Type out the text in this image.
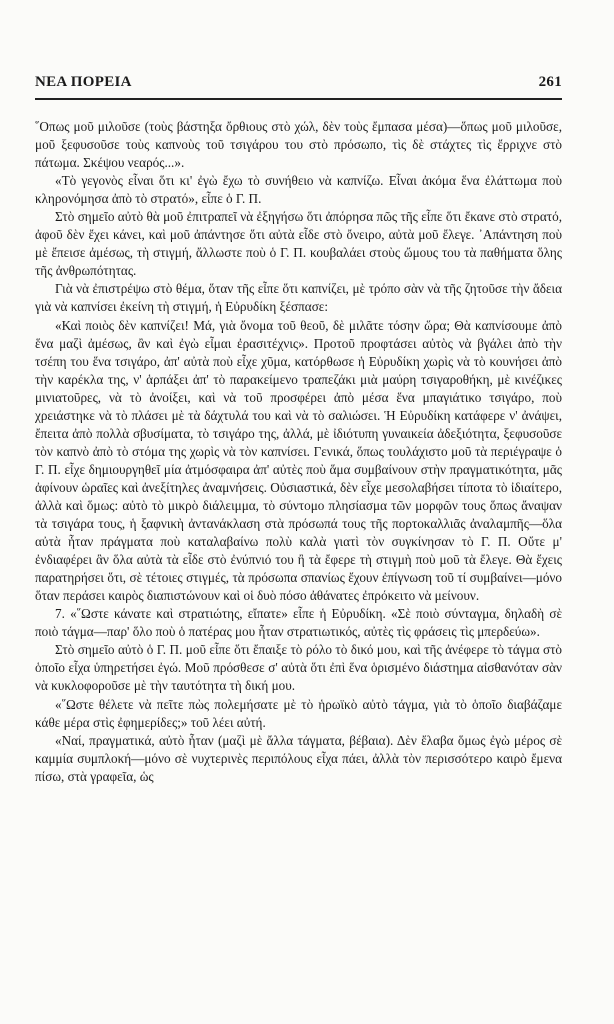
ΝΕΑ ΠΟΡΕΙΑ	261

῞Οπως μοῦ μιλοῦσε (τοὺς βάστηξα ὄρθιους στὸ χώλ, δὲν τοὺς ἔμπασα μέσα)—ὅπως μοῦ μιλοῦσε, μοῦ ξεφυσοῦσε τοὺς καπνοὺς τοῦ τσιγάρου του στὸ πρόσωπο, τὶς δὲ στάχτες τὶς ἔρριχνε στὸ πάτωμα. Σκέψου νεαρός...».

«Τὸ γεγονὸς εἶναι ὅτι κι' ἐγὼ ἔχω τὸ συνήθειο νὰ καπνίζω. Εἶναι ἀκόμα ἕνα ἐλάττωμα ποὺ κληρονόμησα ἀπὸ τὸ στρατό», εἶπε ὁ Γ. Π.

Στὸ σημεῖο αὐτὸ θὰ μοῦ ἐπιτραπεῖ νὰ ἐξηγήσω ὅτι ἀπόρησα πῶς τῆς εἶπε ὅτι ἔκανε στὸ στρατό, ἀφοῦ δὲν ἔχει κάνει, καὶ μοῦ ἀπάντησε ὅτι αὐτὰ εἶδε στὸ ὄνειρο, αὐτὰ μοῦ ἔλεγε. ᾿Απάντηση ποὺ μὲ ἔπεισε ἀμέσως, τὴ στιγμή, ἄλλωστε ποὺ ὁ Γ. Π. κουβαλάει στοὺς ὤμους του τὰ παθήματα ὅλης τῆς ἀνθρωπότητας.

Γιὰ νὰ ἐπιστρέψω στὸ θέμα, ὅταν τῆς εἶπε ὅτι καπνίζει, μὲ τρόπο σὰν νὰ τῆς ζητοῦσε τὴν ἄδεια γιὰ νὰ καπνίσει ἐκείνη τὴ στιγμή, ἡ Εὐρυδίκη ξέσπασε:

«Καὶ ποιὸς δὲν καπνίζει! Μά, γιὰ ὄνομα τοῦ θεοῦ, δὲ μιλᾶτε τόσην ὥρα; Θὰ καπνίσουμε ἀπὸ ἕνα μαζὶ ἀμέσως, ἂν καὶ ἐγὼ εἶμαι ἐρασιτέχνις». Προτοῦ προφτάσει αὐτὸς νὰ βγάλει ἀπὸ τὴν τσέπη του ἕνα τσιγάρο, ἀπ' αὐτὰ ποὺ εἶχε χῦμα, κατόρθωσε ἡ Εὐρυδίκη χωρὶς νὰ τὸ κουνήσει ἀπὸ τὴν καρέκλα της, ν' ἁρπάξει ἀπ' τὸ παρακείμενο τραπεζάκι μιὰ μαύρη τσιγαροθήκη, μὲ κινέζικες μινιατοῦρες, νὰ τὸ ἀνοίξει, καὶ νὰ τοῦ προσφέρει ἀπὸ μέσα ἕνα μπαγιάτικο τσιγάρο, ποὺ χρειάστηκε νὰ τὸ πλάσει μὲ τὰ δάχτυλά του καὶ νὰ τὸ σαλιώσει. Ἡ Εὐρυδίκη κατάφερε ν' ἀνάψει, ἔπειτα ἀπὸ πολλὰ σβυσίματα, τὸ τσιγάρο της, ἀλλά, μὲ ἰδιότυπη γυναικεία ἀδεξιότητα, ξεφυσοῦσε τὸν καπνὸ ἀπὸ τὸ στόμα της χωρὶς νὰ τὸν καπνίσει. Γενικά, ὅπως τουλάχιστο μοῦ τὰ περιέγραψε ὁ Γ. Π. εἶχε δημιουργηθεῖ μία ἀτμόσφαιρα ἀπ' αὐτὲς ποὺ ἅμα συμβαίνουν στὴν πραγματικότητα, μᾶς ἀφίνουν ὡραῖες καὶ ἀνεξίτηλες ἀναμνήσεις. Οὐσιαστικά, δὲν εἶχε μεσολαβήσει τίποτα τὸ ἰδιαίτερο, ἀλλὰ καὶ ὅμως: αὐτὸ τὸ μικρὸ διάλειμμα, τὸ σύντομο πλησίασμα τῶν μορφῶν τους ὅπως ἄναψαν τὰ τσιγάρα τους, ἡ ξαφνικὴ ἀντανάκλαση στὰ πρόσωπά τους τῆς πορτοκαλλιᾶς ἀναλαμπῆς—ὅλα αὐτὰ ἦταν πράγματα ποὺ καταλαβαίνω πολὺ καλὰ γιατὶ τὸν συγκίνησαν τὸ Γ. Π. Οὔτε μ' ἐνδιαφέρει ἂν ὅλα αὐτὰ τὰ εἶδε στὸ ἐνύπνιό του ἢ τὰ ἔφερε τὴ στιγμὴ ποὺ μοῦ τὰ ἔλεγε. Θὰ ἔχεις παρατηρήσει ὅτι, σὲ τέτοιες στιγμές, τὰ πρόσωπα σπανίως ἔχουν ἐπίγνωση τοῦ τί συμβαίνει—μόνο ὅταν περάσει καιρὸς διαπιστώνουν καὶ οἱ δυὸ πόσο ἀθάνατες ἐπρόκειτο νὰ μείνουν.

7. «῞Ωστε κάνατε καὶ στρατιώτης, εἴπατε» εἶπε ἡ Εὐρυδίκη. «Σὲ ποιὸ σύνταγμα, δηλαδὴ σὲ ποιὸ τάγμα—παρ' ὅλο ποὺ ὁ πατέρας μου ἦταν στρατιωτικός, αὐτὲς τὶς φράσεις τὶς μπερδεύω».

Στὸ σημεῖο αὐτὸ ὁ Γ. Π. μοῦ εἶπε ὅτι ἔπαιξε τὸ ρόλο τὸ δικό μου, καὶ τῆς ἀνέφερε τὸ τάγμα στὸ ὁποῖο εἶχα ὑπηρετήσει ἐγώ. Μοῦ πρόσθεσε σ' αὐτὰ ὅτι ἐπὶ ἕνα ὁρισμένο διάστημα αἰσθανόταν σὰν νὰ κυκλοφοροῦσε μὲ τὴν ταυτότητα τὴ δική μου.

«῞Ωστε θέλετε νὰ πεῖτε πὼς πολεμήσατε μὲ τὸ ἡρωϊκὸ αὐτὸ τάγμα, γιὰ τὸ ὁποῖο διαβάζαμε κάθε μέρα στὶς ἐφημερίδες;» τοῦ λέει αὐτή.

«Ναί, πραγματικά, αὐτὸ ἦταν (μαζὶ μὲ ἄλλα τάγματα, βέβαια). Δὲν ἔλαβα ὅμως ἐγὼ μέρος σὲ καμμία συμπλοκή—μόνο σὲ νυχτερινὲς περιπόλους εἶχα πάει, ἀλλὰ τὸν περισσότερο καιρὸ ἔμενα πίσω, στὰ γραφεῖα, ὡς
